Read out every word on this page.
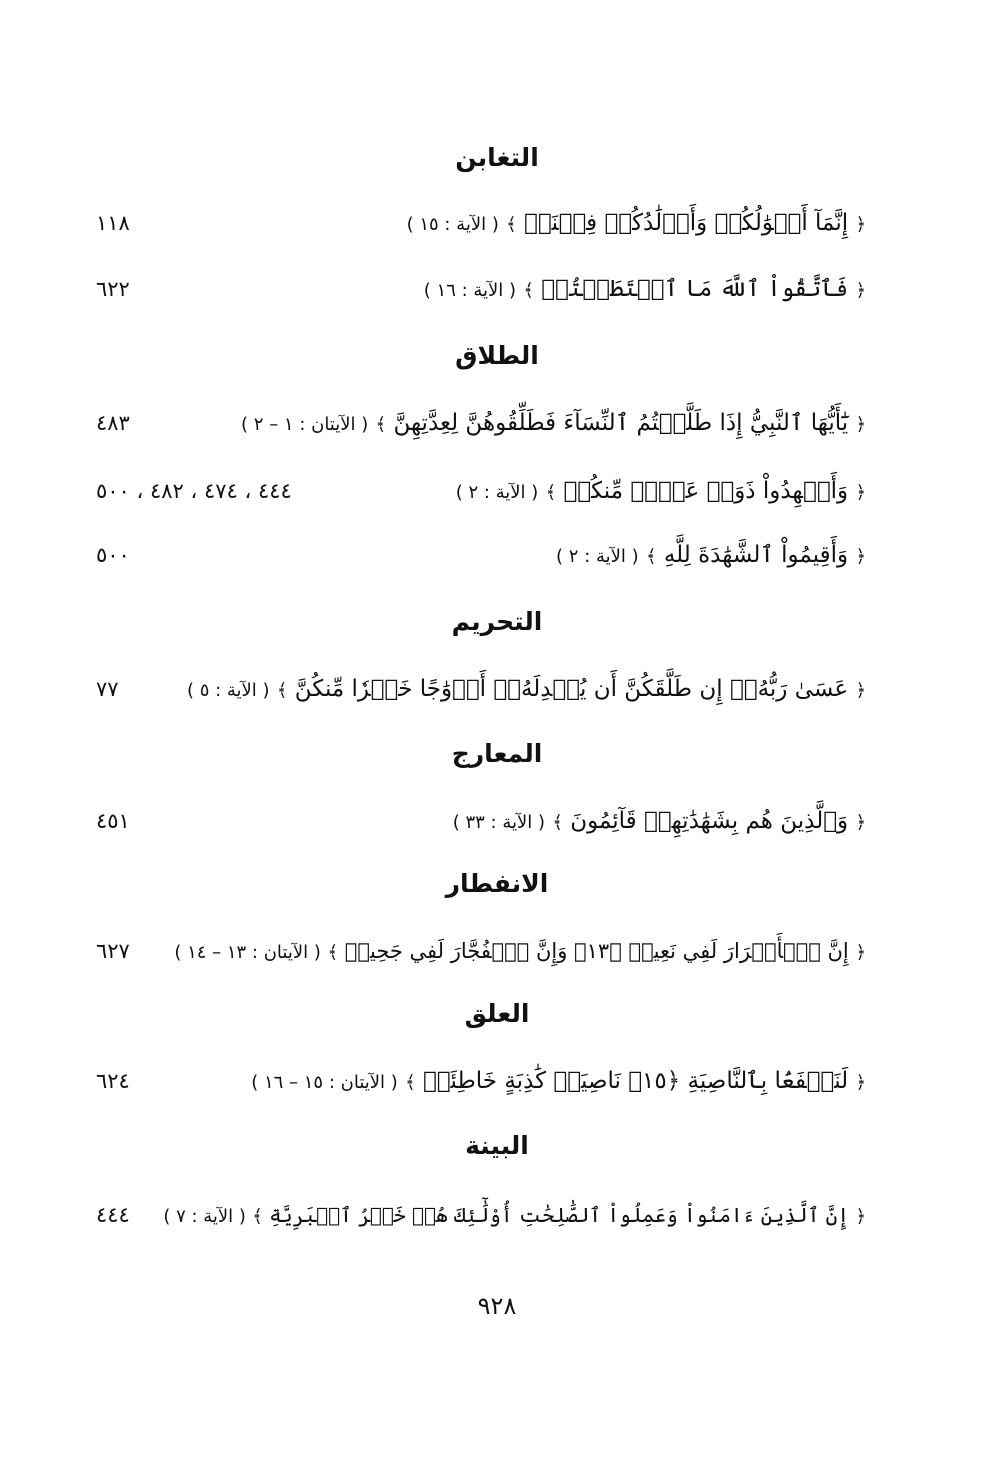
التغابن
﴿ إِنَّمَآ أَمۡوَٰلُكُمۡ وَأَوۡلَٰدُكُمۡ فِتۡنَةٞ ﴾ ( الآية : ١٥ )
١١٨
﴿ فَٱتَّقُواْ ٱللَّهَ مَا ٱسۡتَطَعۡتُمۡ ﴾ ( الآية : ١٦ )
٦٢٢
الطلاق
﴿ يَٰٓأَيُّهَا ٱلنَّبِيُّ إِذَا طَلَّقۡتُمُ ٱلنِّسَآءَ فَطَلِّقُوهُنَّ لِعِدَّتِهِنَّ ﴾ ( الآيتان : ١ – ٢ )
٤٨٣
﴿ وَأَشۡهِدُواْ ذَوَيۡ عَدۡلٖ مِّنكُمۡ ﴾ ( الآية : ٢ )
٤٤٤ ، ٤٧٤ ، ٤٨٢ ، ٥٠٠
﴿ وَأَقِيمُواْ ٱلشَّهَٰدَةَ لِلَّهِ ﴾ ( الآية : ٢ )
٥٠٠
التحريم
﴿ عَسَىٰ رَبُّهُۥٓ إِن طَلَّقَكُنَّ أَن يُبۡدِلَهُۥٓ أَزۡوَٰجًا خَيۡرٗا مِّنكُنَّ ﴾ ( الآية : ٥ )
٧٧
المعارج
﴿ وَٱلَّذِينَ هُم بِشَهَٰدَٰتِهِمۡ قَآئِمُونَ ﴾ ( الآية : ٣٣ )
٤٥١
الانفطار
﴿ إِنَّ ٱلۡأَبۡرَارَ لَفِي نَعِيمٖ ﴿١٣﴾ وَإِنَّ ٱلۡفُجَّارَ لَفِي جَحِيمٖ ﴾ ( الآيتان : ١٣ – ١٤ )
٦٢٧
العلق
﴿ لَنَسۡفَعَۢا بِٱلنَّاصِيَةِ ﴿١٥﴾ نَاصِيَةٖ كَٰذِبَةٍ خَاطِئَةٖ ﴾ ( الآيتان : ١٥ – ١٦ )
٦٢٤
البينة
﴿ إِنَّ ٱلَّذِينَ ءَامَنُواْ وَعَمِلُواْ ٱلصَّٰلِحَٰتِ أُوْلَٰٓئِكَ هُمۡ خَيۡرُ ٱلۡبَرِيَّةِ ﴾ ( الآية : ٧ )
٤٤٤
٩٢٨
